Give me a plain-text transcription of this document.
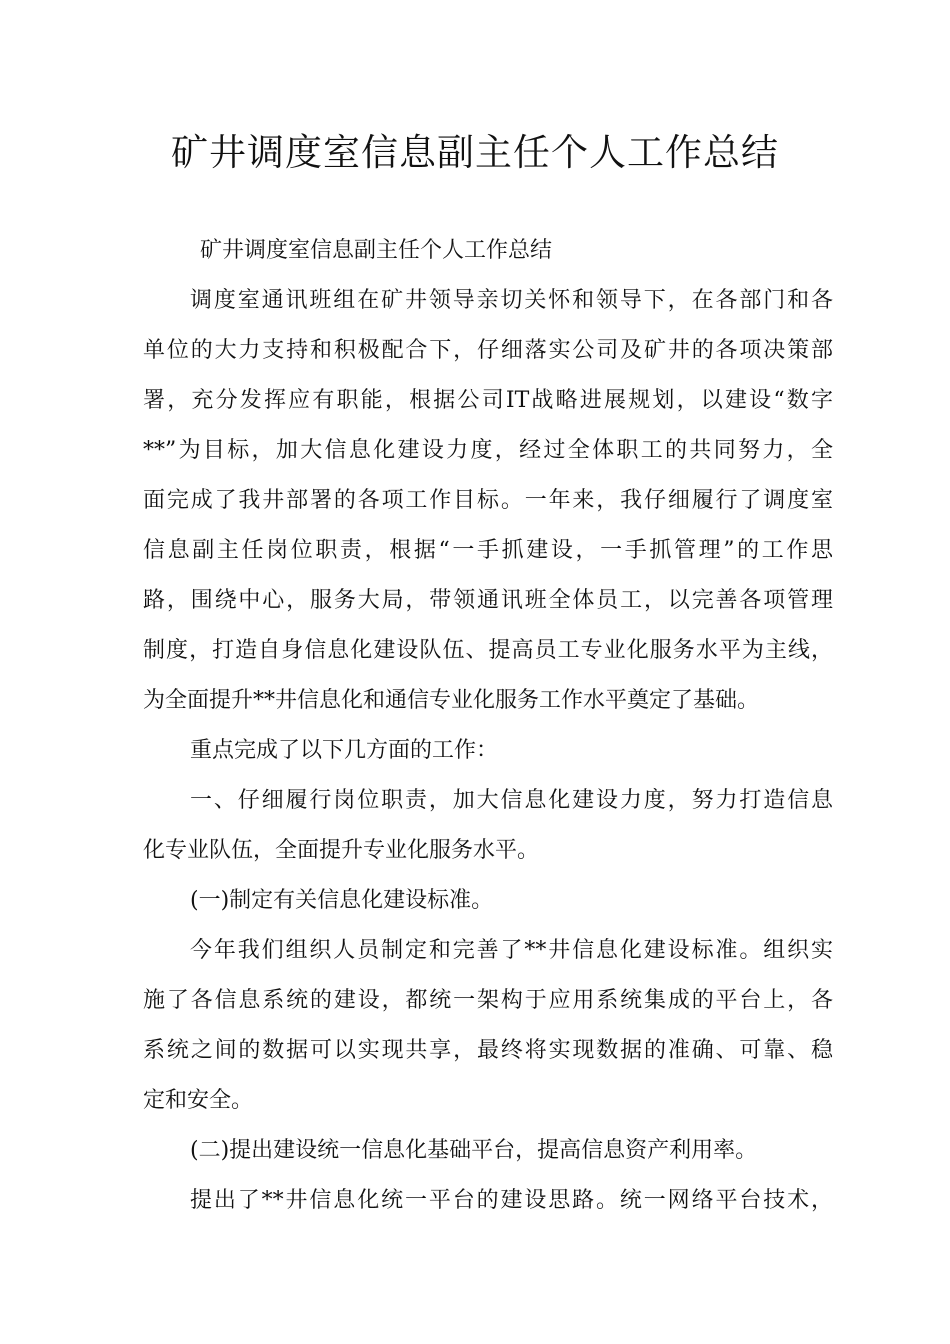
矿井调度室信息副主任个人工作总结

矿井调度室信息副主任个人工作总结

调度室通讯班组在矿井领导亲切关怀和领导下，在各部门和各

单位的大力支持和积极配合下，仔细落实公司及矿井的各项决策部

署，充分发挥应有职能，根据公司IT战略进展规划，以建设“数字

**”为目标，加大信息化建设力度，经过全体职工的共同努力，全

面完成了我井部署的各项工作目标。一年来，我仔细履行了调度室

信息副主任岗位职责，根据“一手抓建设，一手抓管理”的工作思

路，围绕中心，服务大局，带领通讯班全体员工，以完善各项管理

制度，打造自身信息化建设队伍、提高员工专业化服务水平为主线，

为全面提升**井信息化和通信专业化服务工作水平奠定了基础。

重点完成了以下几方面的工作：

一、仔细履行岗位职责，加大信息化建设力度，努力打造信息

化专业队伍，全面提升专业化服务水平。

(一)制定有关信息化建设标准。

今年我们组织人员制定和完善了**井信息化建设标准。组织实

施了各信息系统的建设，都统一架构于应用系统集成的平台上，各

系统之间的数据可以实现共享，最终将实现数据的准确、可靠、稳

定和安全。

(二)提出建设统一信息化基础平台，提高信息资产利用率。

提出了**井信息化统一平台的建设思路。统一网络平台技术，
